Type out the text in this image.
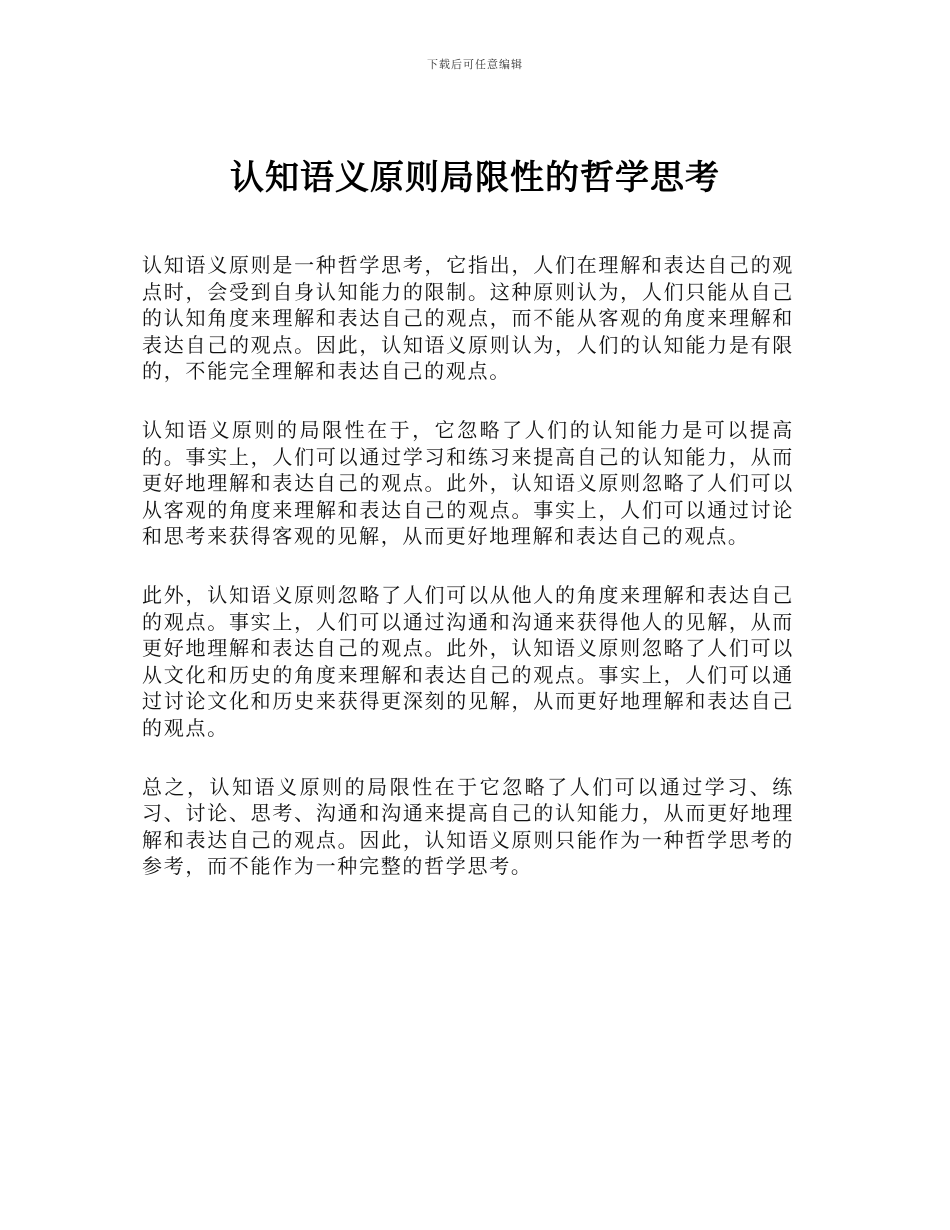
下载后可任意编辑
认知语义原则局限性的哲学思考

认知语义原则是一种哲学思考，它指出，人们在理解和表达自己的观点时，会受到自身认知能力的限制。这种原则认为，人们只能从自己的认知角度来理解和表达自己的观点，而不能从客观的角度来理解和表达自己的观点。因此，认知语义原则认为，人们的认知能力是有限的，不能完全理解和表达自己的观点。

认知语义原则的局限性在于，它忽略了人们的认知能力是可以提高的。事实上，人们可以通过学习和练习来提高自己的认知能力，从而更好地理解和表达自己的观点。此外，认知语义原则忽略了人们可以从客观的角度来理解和表达自己的观点。事实上，人们可以通过讨论和思考来获得客观的见解，从而更好地理解和表达自己的观点。

此外，认知语义原则忽略了人们可以从他人的角度来理解和表达自己的观点。事实上，人们可以通过沟通和沟通来获得他人的见解，从而更好地理解和表达自己的观点。此外，认知语义原则忽略了人们可以从文化和历史的角度来理解和表达自己的观点。事实上，人们可以通过讨论文化和历史来获得更深刻的见解，从而更好地理解和表达自己的观点。

总之，认知语义原则的局限性在于它忽略了人们可以通过学习、练习、讨论、思考、沟通和沟通来提高自己的认知能力，从而更好地理解和表达自己的观点。因此，认知语义原则只能作为一种哲学思考的参考，而不能作为一种完整的哲学思考。
